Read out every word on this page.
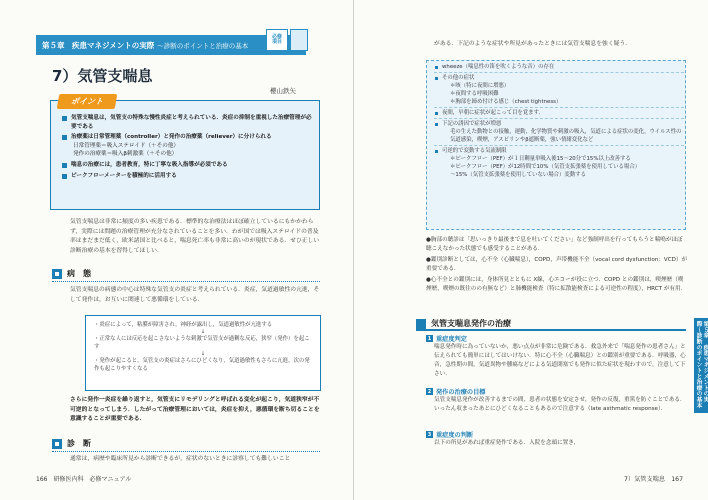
第５章　疾患マネジメントの実際 ～診断のポイントと治療の基本
必修
項目
7）気管支喘息
櫻山鉄矢
ポイント
気管支喘息は，気管支の特殊な慢性炎症と考えられている．炎症の抑制を重視した治療管理が必要である
治療薬は日常管理薬（controller）と発作の治療薬（reliever）に分けられる
日常管理薬＝吸入ステロイド（＋その他）
発作の治療薬＝吸入β刺激薬（＋その他）
喘息の治療には，患者教育，特に丁寧な吸入指導が必須である
ピークフローメーターを積極的に活用する
気管支喘息は非常に頻度の多い疾患である．標準的な治療法はほぼ確立しているにもかかわらず，実際には問題の治療管理が充分なされていることを多い．わが国では吸入ステロイドの普及率はまだまだ低く，欧米諸国と比べると，喘息死亡率も非常に高いのが現状である．せひ正しい診断治療の基本を習得してほしい．
病　態
気管支喘息の病態の中心は特殊な気管支の炎症と考えられている．炎症，気道過敏性の亢進，そして発作は，お互いに関連して悪循環をしている．
・炎症によって，粘膜が障害され，神経が露出し，気道過敏性が亢進する
↓
・正常な人には反応を起こさないような刺激で気管支が過剰な反応，狭窄（発作）を起こす
↓
・発作が起こると，気管支の炎症はさらにひどくなり，気道過敏性もさらに亢進，次の発作も起こりやすくなる
さらに発作一炎症を繰り返すと，気管支にリモデリングと呼ばれる変化が起こり，気道狭窄が不可逆的となってしまう．したがって治療管理においては，炎症を抑え，悪循環を断ち切ることを意識することが重要である．
診　断
通常は，病歴や臨床所見から診断できるが，症状のないときに診察しても難しいこと
166　研修医内科　必修マニュアル
がある．下記のような症状や所見があったときには気管支喘息を強く疑う．
wheeze（喘息性の笛を吹くような音）の存在
その他の症状
＊咳（特に夜間に増悪）
＊夜間する呼吸困難
＊胸部を締め付ける感じ（chest tightness）
夜間，早朝に症状が起こって目を覚ます．
下記の誘因で症状が増悪
毛の生えた動物との接触，運動，化学物質や刺激の吸入，気道による症状の変化，ウイルス性の気道感染，喫煙，アスピリンやβ遮断薬，強い情緒変化など
可逆的で変動する気流制限
＊ピークフロー（PEF）が１日剰量単吸入後15～20分で15%以上改善する
＊ピークフロー（PEF）が12時間で10%（気管支拡張薬を使用している場合）
～15%（気管支拡張薬を使用していない場合）変動する
●胸部の聴診は「思いっきり最後まで息を吐いてください」など強制呼出を行ってもらうと喘鳴がほぼ聴こえなかった状態でも感受することがある．
●鑑別診断としては，心不全（心臓喘息），COPD，声帯機能不全（vocal cord dysfunction：VCD）が重要である．
●心不全との鑑別には，身体所見とともに X線，心エコーが役に立つ．COPD との鑑別は，喫煙歴（喫煙歴，喫煙の既往のの有無など）と肺機能検査（特に拡散能検査による可逆性の程度），HRCT が有用．
気管支喘息発作の治療
1 重症度判定
喘息発作時に為っていないか，悪い点点が非常に危険である．救急外来で「喘息発作の患者さん」と伝えられても簡単にはしてはいけない．特に心不全（心臓喘息）との鑑別が重要である．呼吸器，心音，急性期の間，気道異物や腫瘍などによる気道閉塞でも発作に似た症状を現わすので，注意して下さい．
2 発作の治療の目標
気管支喘息発作が改善するまでの間，患者の状態を安定させ，発作の反復，重篤を防ぐことである．いったん収まったあとにひどくなることもあるので注意する（late asthmatic response）．
3 重症度の判断
以下の所見があれば重症発作である．入院を念頭に置き，
第５章　疾患マネジメントの実際〜診断のポイントと治療の基本
7）気管支喘息　167
